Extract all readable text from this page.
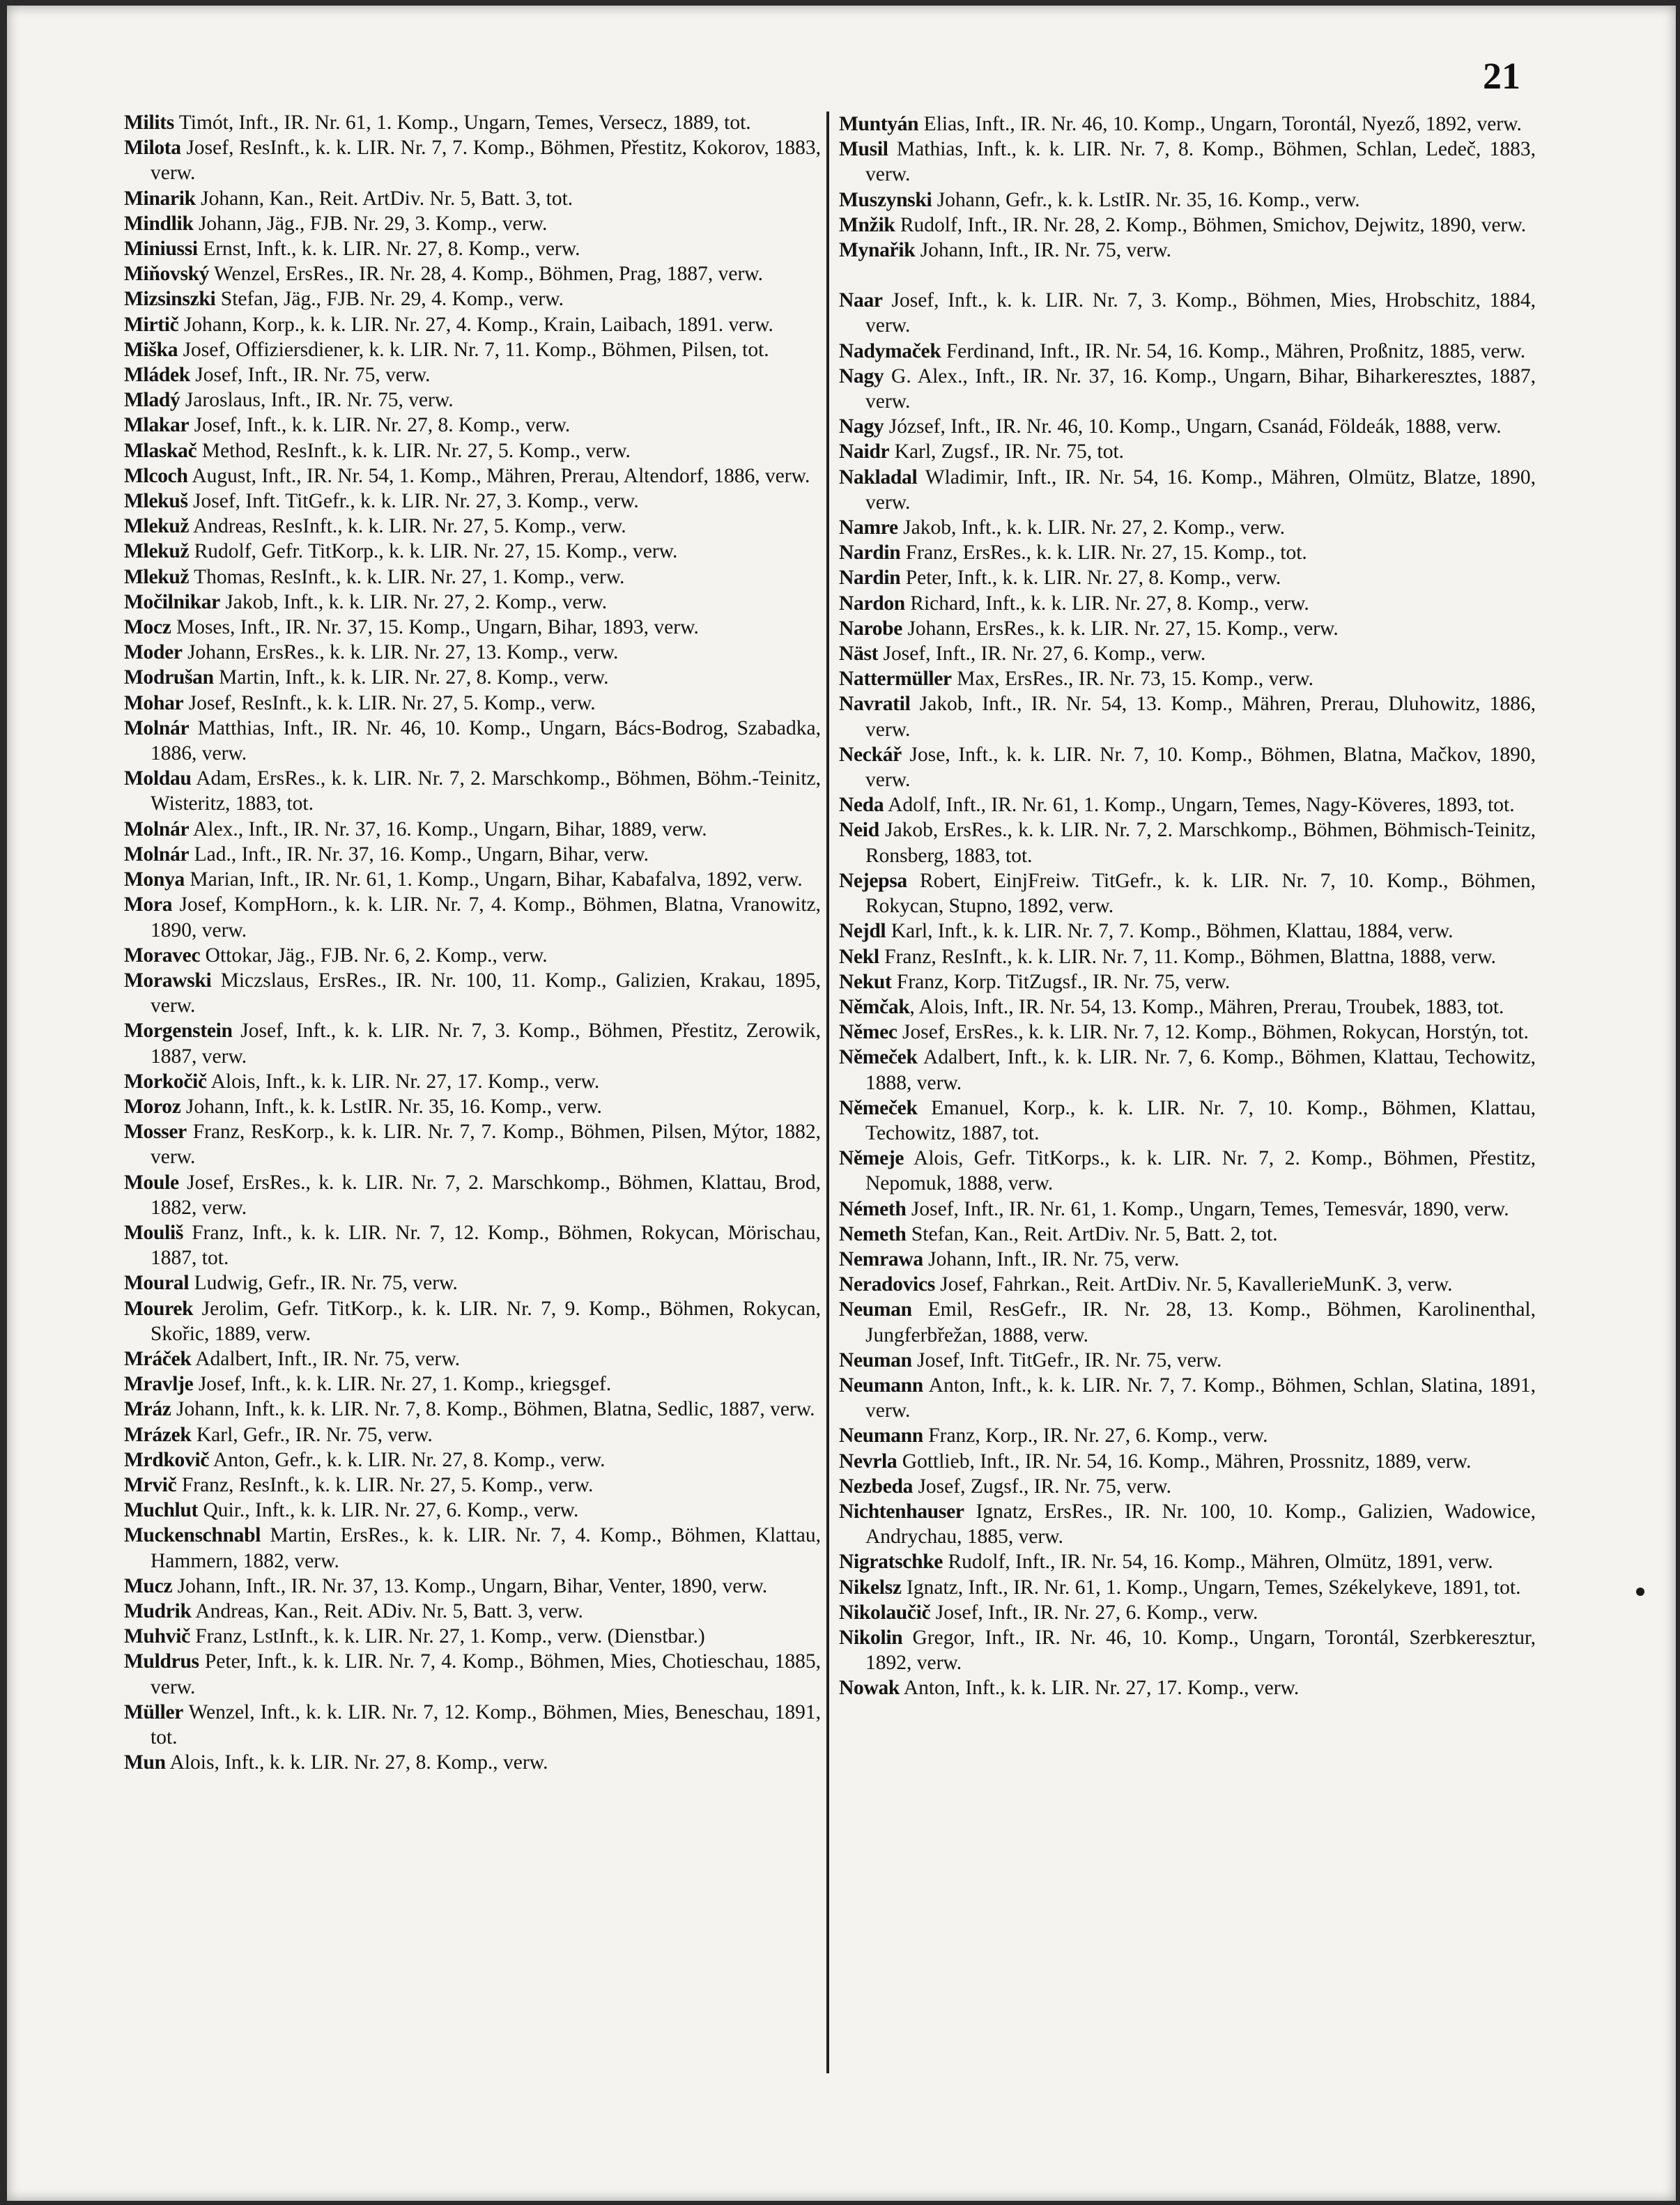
21
Milits Timót, Inft., IR. Nr. 61, 1. Komp., Ungarn, Temes, Versecz, 1889, tot.
Milota Josef, ResInft., k. k. LIR. Nr. 7, 7. Komp., Böhmen, Přestitz, Kokorov, 1883, verw.
Minarik Johann, Kan., Reit. ArtDiv. Nr. 5, Batt. 3, tot.
Mindlik Johann, Jäg., FJB. Nr. 29, 3. Komp., verw.
Miniussi Ernst, Inft., k. k. LIR. Nr. 27, 8. Komp., verw.
Miňovský Wenzel, ErsRes., IR. Nr. 28, 4. Komp., Böhmen, Prag, 1887, verw.
Mizsinszki Stefan, Jäg., FJB. Nr. 29, 4. Komp., verw.
Mirtič Johann, Korp., k. k. LIR. Nr. 27, 4. Komp., Krain, Laibach, 1891. verw.
Miška Josef, Offiziersdiener, k. k. LIR. Nr. 7, 11. Komp., Böhmen, Pilsen, tot.
Mládek Josef, Inft., IR. Nr. 75, verw.
Mladý Jaroslaus, Inft., IR. Nr. 75, verw.
Mlakar Josef, Inft., k. k. LIR. Nr. 27, 8. Komp., verw.
Mlaskač Method, ResInft., k. k. LIR. Nr. 27, 5. Komp., verw.
Mlcoch August, Inft., IR. Nr. 54, 1. Komp., Mähren, Prerau, Altendorf, 1886, verw.
Mlekuš Josef, Inft. TitGefr., k. k. LIR. Nr. 27, 3. Komp., verw.
Mlekuž Andreas, ResInft., k. k. LIR. Nr. 27, 5. Komp., verw.
Mlekuž Rudolf, Gefr. TitKorp., k. k. LIR. Nr. 27, 15. Komp., verw.
Mlekuž Thomas, ResInft., k. k. LIR. Nr. 27, 1. Komp., verw.
Močilnikar Jakob, Inft., k. k. LIR. Nr. 27, 2. Komp., verw.
Mocz Moses, Inft., IR. Nr. 37, 15. Komp., Ungarn, Bihar, 1893, verw.
Moder Johann, ErsRes., k. k. LIR. Nr. 27, 13. Komp., verw.
Modrušan Martin, Inft., k. k. LIR. Nr. 27, 8. Komp., verw.
Mohar Josef, ResInft., k. k. LIR. Nr. 27, 5. Komp., verw.
Molnár Matthias, Inft., IR. Nr. 46, 10. Komp., Ungarn, Bács-Bodrog, Szabadka, 1886, verw.
Moldau Adam, ErsRes., k. k. LIR. Nr. 7, 2. Marschkomp., Böhmen, Böhm.-Teinitz, Wisteritz, 1883, tot.
Molnár Alex., Inft., IR. Nr. 37, 16. Komp., Ungarn, Bihar, 1889, verw.
Molnár Lad., Inft., IR. Nr. 37, 16. Komp., Ungarn, Bihar, verw.
Monya Marian, Inft., IR. Nr. 61, 1. Komp., Ungarn, Bihar, Kabafalva, 1892, verw.
Mora Josef, KompHorn., k. k. LIR. Nr. 7, 4. Komp., Böhmen, Blatna, Vranowitz, 1890, verw.
Moravec Ottokar, Jäg., FJB. Nr. 6, 2. Komp., verw.
Morawski Miczslaus, ErsRes., IR. Nr. 100, 11. Komp., Galizien, Krakau, 1895, verw.
Morgenstein Josef, Inft., k. k. LIR. Nr. 7, 3. Komp., Böhmen, Přestitz, Zerowik, 1887, verw.
Morkočič Alois, Inft., k. k. LIR. Nr. 27, 17. Komp., verw.
Moroz Johann, Inft., k. k. LstIR. Nr. 35, 16. Komp., verw.
Mosser Franz, ResKorp., k. k. LIR. Nr. 7, 7. Komp., Böhmen, Pilsen, Mýtor, 1882, verw.
Moule Josef, ErsRes., k. k. LIR. Nr. 7, 2. Marschkomp., Böhmen, Klattau, Brod, 1882, verw.
Mouliš Franz, Inft., k. k. LIR. Nr. 7, 12. Komp., Böhmen, Rokycan, Mörischau, 1887, tot.
Moural Ludwig, Gefr., IR. Nr. 75, verw.
Mourek Jerolim, Gefr. TitKorp., k. k. LIR. Nr. 7, 9. Komp., Böhmen, Rokycan, Skořic, 1889, verw.
Mráček Adalbert, Inft., IR. Nr. 75, verw.
Mravlje Josef, Inft., k. k. LIR. Nr. 27, 1. Komp., kriegsgef.
Mráz Johann, Inft., k. k. LIR. Nr. 7, 8. Komp., Böhmen, Blatna, Sedlic, 1887, verw.
Mrázek Karl, Gefr., IR. Nr. 75, verw.
Mrdkovič Anton, Gefr., k. k. LIR. Nr. 27, 8. Komp., verw.
Mrvič Franz, ResInft., k. k. LIR. Nr. 27, 5. Komp., verw.
Muchlut Quir., Inft., k. k. LIR. Nr. 27, 6. Komp., verw.
Muckenschnabl Martin, ErsRes., k. k. LIR. Nr. 7, 4. Komp., Böhmen, Klattau, Hammern, 1882, verw.
Mucz Johann, Inft., IR. Nr. 37, 13. Komp., Ungarn, Bihar, Venter, 1890, verw.
Mudrik Andreas, Kan., Reit. ADiv. Nr. 5, Batt. 3, verw.
Muhvič Franz, LstInft., k. k. LIR. Nr. 27, 1. Komp., verw. (Dienstbar.)
Muldrus Peter, Inft., k. k. LIR. Nr. 7, 4. Komp., Böhmen, Mies, Chotieschau, 1885, verw.
Müller Wenzel, Inft., k. k. LIR. Nr. 7, 12. Komp., Böhmen, Mies, Beneschau, 1891, tot.
Mun Alois, Inft., k. k. LIR. Nr. 27, 8. Komp., verw.
Muntyán Elias, Inft., IR. Nr. 46, 10. Komp., Ungarn, Torontál, Nyező, 1892, verw.
Musil Mathias, Inft., k. k. LIR. Nr. 7, 8. Komp., Böhmen, Schlan, Ledeč, 1883, verw.
Muszynski Johann, Gefr., k. k. LstIR. Nr. 35, 16. Komp., verw.
Mnžik Rudolf, Inft., IR. Nr. 28, 2. Komp., Böhmen, Smichov, Dejwitz, 1890, verw.
Mynařik Johann, Inft., IR. Nr. 75, verw.
Naar Josef, Inft., k. k. LIR. Nr. 7, 3. Komp., Böhmen, Mies, Hrobschitz, 1884, verw.
Nadymaček Ferdinand, Inft., IR. Nr. 54, 16. Komp., Mähren, Proßnitz, 1885, verw.
Nagy G. Alex., Inft., IR. Nr. 37, 16. Komp., Ungarn, Bihar, Biharkeresztes, 1887, verw.
Nagy József, Inft., IR. Nr. 46, 10. Komp., Ungarn, Csanád, Földeák, 1888, verw.
Naidr Karl, Zugsf., IR. Nr. 75, tot.
Nakladal Wladimir, Inft., IR. Nr. 54, 16. Komp., Mähren, Olmütz, Blatze, 1890, verw.
Namre Jakob, Inft., k. k. LIR. Nr. 27, 2. Komp., verw.
Nardin Franz, ErsRes., k. k. LIR. Nr. 27, 15. Komp., tot.
Nardin Peter, Inft., k. k. LIR. Nr. 27, 8. Komp., verw.
Nardon Richard, Inft., k. k. LIR. Nr. 27, 8. Komp., verw.
Narobe Johann, ErsRes., k. k. LIR. Nr. 27, 15. Komp., verw.
Näst Josef, Inft., IR. Nr. 27, 6. Komp., verw.
Nattermüller Max, ErsRes., IR. Nr. 73, 15. Komp., verw.
Navratil Jakob, Inft., IR. Nr. 54, 13. Komp., Mähren, Prerau, Dluhowitz, 1886, verw.
Neckář Jose, Inft., k. k. LIR. Nr. 7, 10. Komp., Böhmen, Blatna, Mačkov, 1890, verw.
Neda Adolf, Inft., IR. Nr. 61, 1. Komp., Ungarn, Temes, Nagy-Köveres, 1893, tot.
Neid Jakob, ErsRes., k. k. LIR. Nr. 7, 2. Marschkomp., Böhmen, Böhmisch-Teinitz, Ronsberg, 1883, tot.
Nejepsa Robert, EinjFreiw. TitGefr., k. k. LIR. Nr. 7, 10. Komp., Böhmen, Rokycan, Stupno, 1892, verw.
Nejdl Karl, Inft., k. k. LIR. Nr. 7, 7. Komp., Böhmen, Klattau, 1884, verw.
Nekl Franz, ResInft., k. k. LIR. Nr. 7, 11. Komp., Böhmen, Blattna, 1888, verw.
Nekut Franz, Korp. TitZugsf., IR. Nr. 75, verw.
Němčak, Alois, Inft., IR. Nr. 54, 13. Komp., Mähren, Prerau, Troubek, 1883, tot.
Němec Josef, ErsRes., k. k. LIR. Nr. 7, 12. Komp., Böhmen, Rokycan, Horstýn, tot.
Němeček Adalbert, Inft., k. k. LIR. Nr. 7, 6. Komp., Böhmen, Klattau, Techowitz, 1888, verw.
Němeček Emanuel, Korp., k. k. LIR. Nr. 7, 10. Komp., Böhmen, Klattau, Techowitz, 1887, tot.
Němeje Alois, Gefr. TitKorps., k. k. LIR. Nr. 7, 2. Komp., Böhmen, Přestitz, Nepomuk, 1888, verw.
Németh Josef, Inft., IR. Nr. 61, 1. Komp., Ungarn, Temes, Temesvár, 1890, verw.
Nemeth Stefan, Kan., Reit. ArtDiv. Nr. 5, Batt. 2, tot.
Nemrawa Johann, Inft., IR. Nr. 75, verw.
Neradovics Josef, Fahrkan., Reit. ArtDiv. Nr. 5, KavallerieMunK. 3, verw.
Neuman Emil, ResGefr., IR. Nr. 28, 13. Komp., Böhmen, Karolinenthal, Jungferbřežan, 1888, verw.
Neuman Josef, Inft. TitGefr., IR. Nr. 75, verw.
Neumann Anton, Inft., k. k. LIR. Nr. 7, 7. Komp., Böhmen, Schlan, Slatina, 1891, verw.
Neumann Franz, Korp., IR. Nr. 27, 6. Komp., verw.
Nevrla Gottlieb, Inft., IR. Nr. 54, 16. Komp., Mähren, Prossnitz, 1889, verw.
Nezbeda Josef, Zugsf., IR. Nr. 75, verw.
Nichtenhauser Ignatz, ErsRes., IR. Nr. 100, 10. Komp., Galizien, Wadowice, Andrychau, 1885, verw.
Nigratschke Rudolf, Inft., IR. Nr. 54, 16. Komp., Mähren, Olmütz, 1891, verw.
Nikelsz Ignatz, Inft., IR. Nr. 61, 1. Komp., Ungarn, Temes, Székelykeve, 1891, tot.
Nikolaučič Josef, Inft., IR. Nr. 27, 6. Komp., verw.
Nikolin Gregor, Inft., IR. Nr. 46, 10. Komp., Ungarn, Torontál, Szerbkeresztur, 1892, verw.
Nowak Anton, Inft., k. k. LIR. Nr. 27, 17. Komp., verw.
